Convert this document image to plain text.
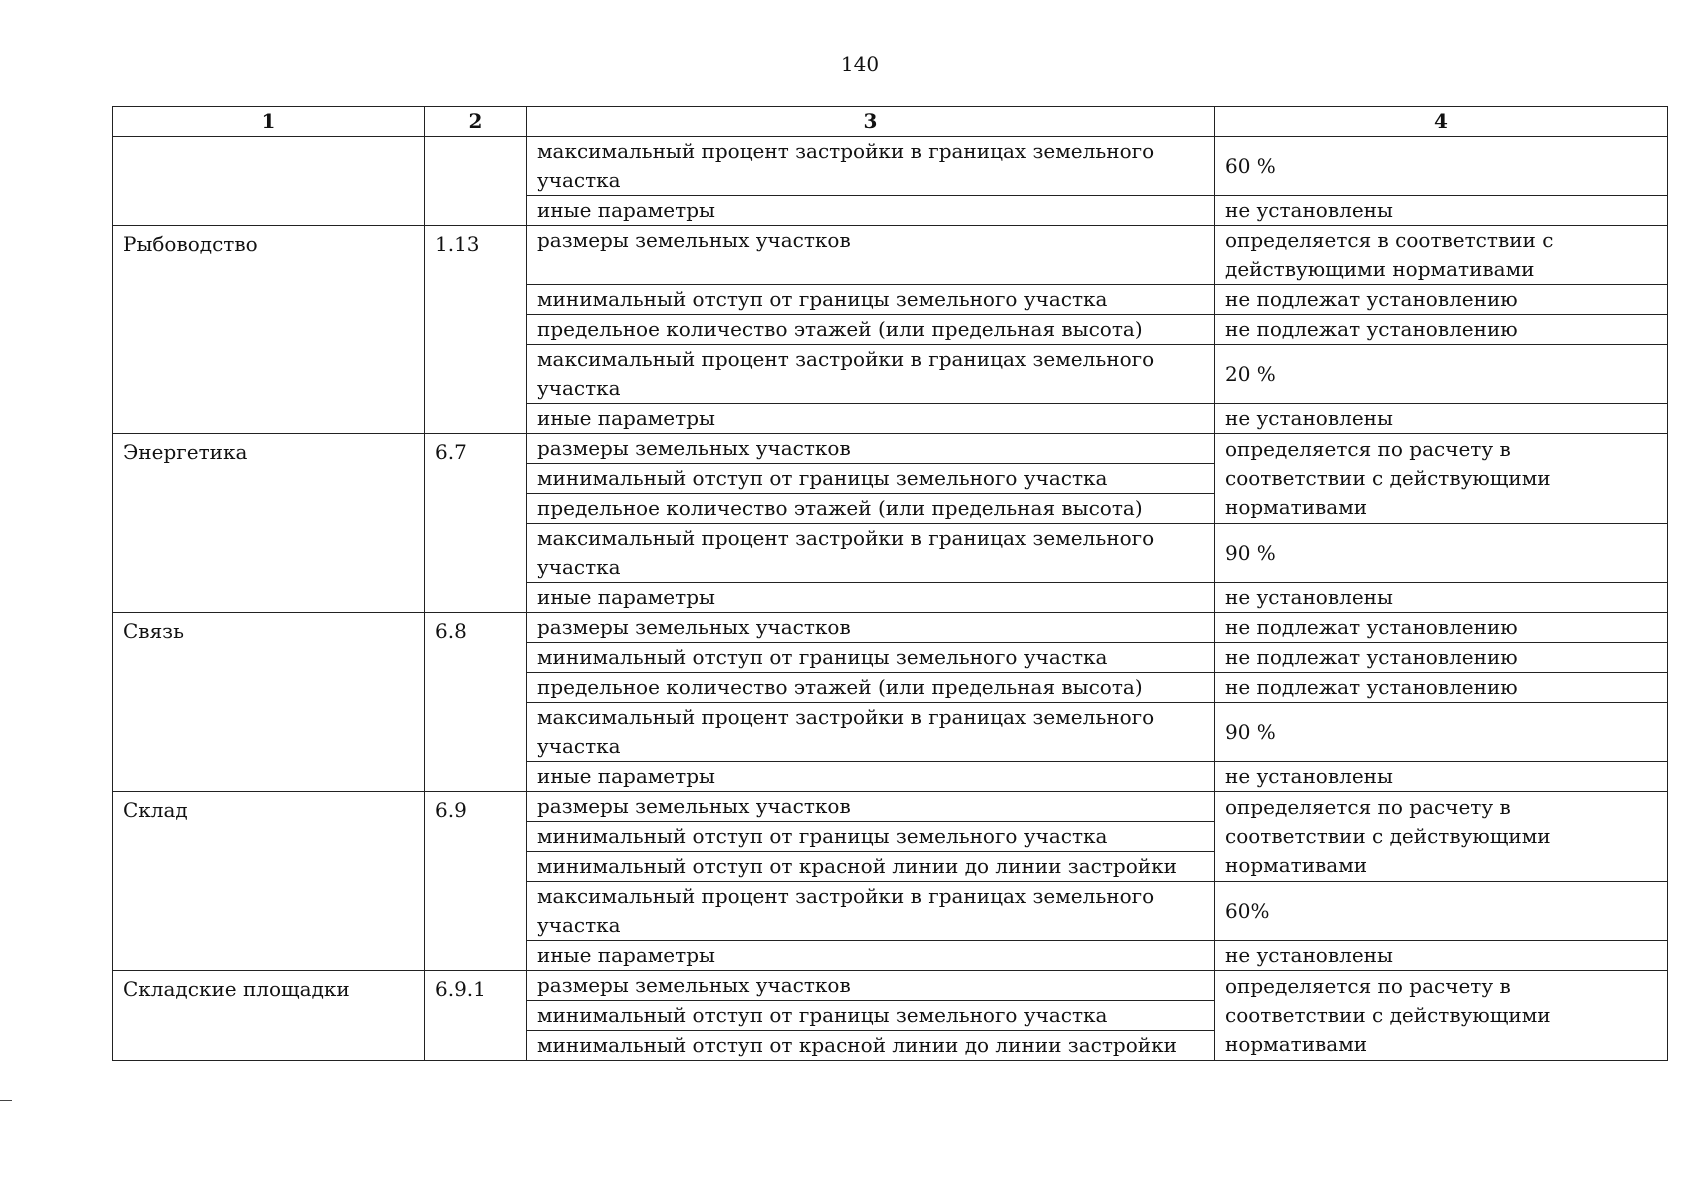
140
1	2	3	4
		максимальный процент застройки в границах земельного участка	60 %
		иные параметры	не установлены
Рыбоводство	1.13	размеры земельных участков	определяется в соответствии с действующими нормативами
		минимальный отступ от границы земельного участка	не подлежат установлению
		предельное количество этажей (или предельная высота)	не подлежат установлению
		максимальный процент застройки в границах земельного участка	20 %
		иные параметры	не установлены
Энергетика	6.7	размеры земельных участков	определяется по расчету в соответствии с действующими нормативами
		минимальный отступ от границы земельного участка	
		предельное количество этажей (или предельная высота)	
		максимальный процент застройки в границах земельного участка	90 %
		иные параметры	не установлены
Связь	6.8	размеры земельных участков	не подлежат установлению
		минимальный отступ от границы земельного участка	не подлежат установлению
		предельное количество этажей (или предельная высота)	не подлежат установлению
		максимальный процент застройки в границах земельного участка	90 %
		иные параметры	не установлены
Склад	6.9	размеры земельных участков	определяется по расчету в соответствии с действующими нормативами
		минимальный отступ от границы земельного участка	
		минимальный отступ от красной линии до линии застройки	
		максимальный процент застройки в границах земельного участка	60%
		иные параметры	не установлены
Складские площадки	6.9.1	размеры земельных участков	определяется по расчету в соответствии с действующими нормативами
		минимальный отступ от границы земельного участка	
		минимальный отступ от красной линии до линии застройки	
